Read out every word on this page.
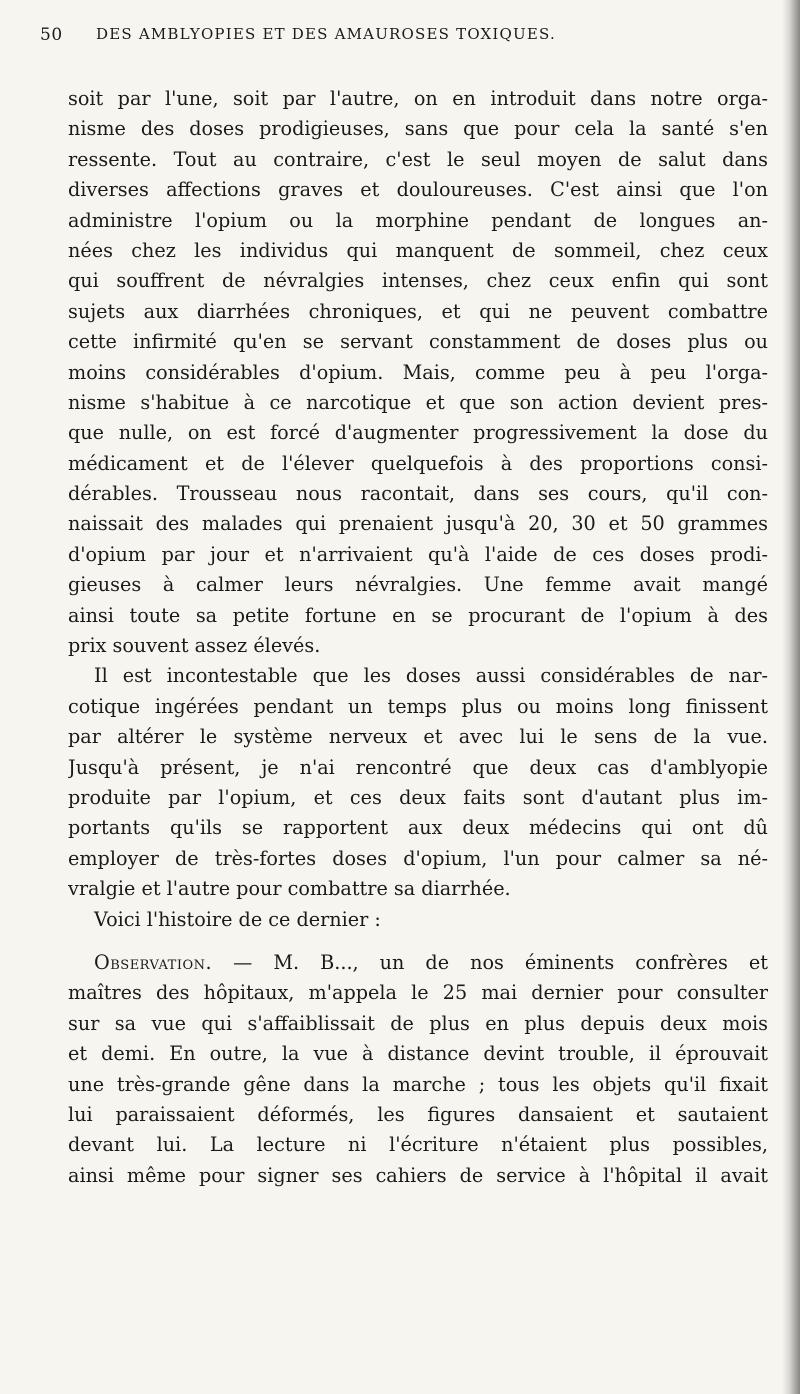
50 DES AMBLYOPIES ET DES AMAUROSES TOXIQUES.
soit par l'une, soit par l'autre, on en introduit dans notre orga-
nisme des doses prodigieuses, sans que pour cela la santé s'en
ressente. Tout au contraire, c'est le seul moyen de salut dans
diverses affections graves et douloureuses. C'est ainsi que l'on
administre l'opium ou la morphine pendant de longues an-
nées chez les individus qui manquent de sommeil, chez ceux
qui souffrent de névralgies intenses, chez ceux enfin qui sont
sujets aux diarrhées chroniques, et qui ne peuvent combattre
cette infirmité qu'en se servant constamment de doses plus ou
moins considérables d'opium. Mais, comme peu à peu l'orga-
nisme s'habitue à ce narcotique et que son action devient pres-
que nulle, on est forcé d'augmenter progressivement la dose du
médicament et de l'élever quelquefois à des proportions consi-
dérables. Trousseau nous racontait, dans ses cours, qu'il con-
naissait des malades qui prenaient jusqu'à 20, 30 et 50 grammes
d'opium par jour et n'arrivaient qu'à l'aide de ces doses prodi-
gieuses à calmer leurs névralgies. Une femme avait mangé
ainsi toute sa petite fortune en se procurant de l'opium à des
prix souvent assez élevés.
Il est incontestable que les doses aussi considérables de nar-
cotique ingérées pendant un temps plus ou moins long finissent
par altérer le système nerveux et avec lui le sens de la vue.
Jusqu'à présent, je n'ai rencontré que deux cas d'amblyopie
produite par l'opium, et ces deux faits sont d'autant plus im-
portants qu'ils se rapportent aux deux médecins qui ont dû
employer de très-fortes doses d'opium, l'un pour calmer sa né-
vralgie et l'autre pour combattre sa diarrhée.
Voici l'histoire de ce dernier :
Observation. — M. B..., un de nos éminents confrères et
maîtres des hôpitaux, m'appela le 25 mai dernier pour consulter
sur sa vue qui s'affaiblissait de plus en plus depuis deux mois
et demi. En outre, la vue à distance devint trouble, il éprouvait
une très-grande gêne dans la marche ; tous les objets qu'il fixait
lui paraissaient déformés, les figures dansaient et sautaient
devant lui. La lecture ni l'écriture n'étaient plus possibles,
ainsi même pour signer ses cahiers de service à l'hôpital il avait
